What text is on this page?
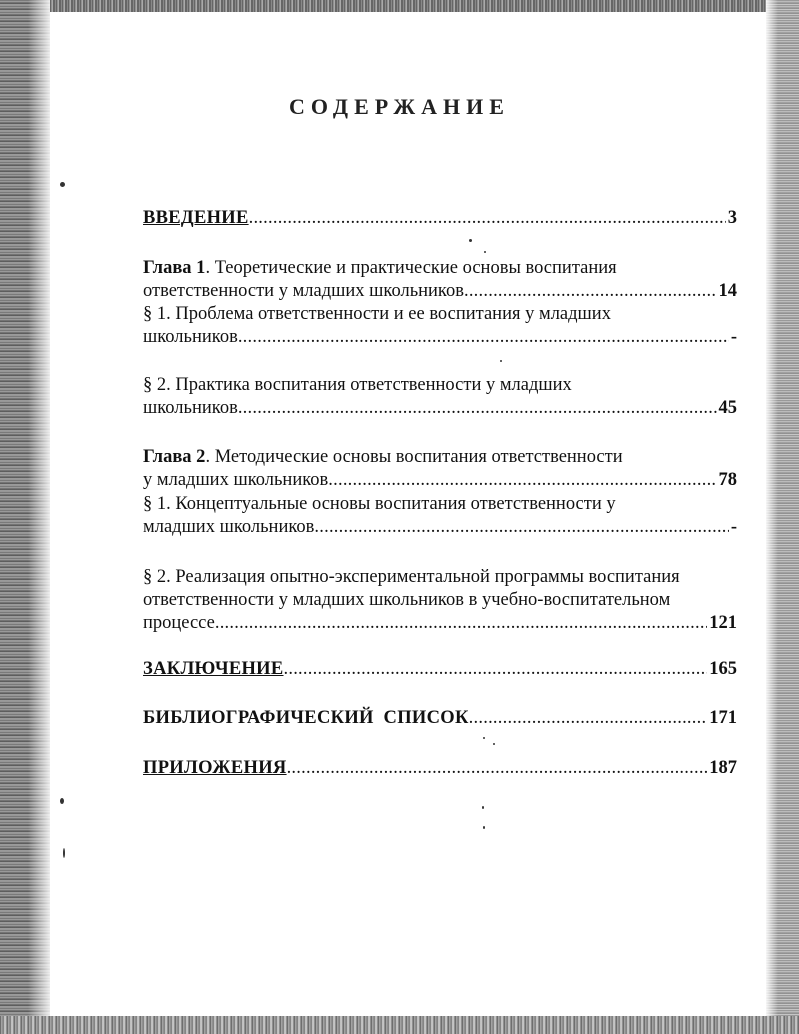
СОДЕРЖАНИЕ
ВВЕДЕНИЕ . . .	3
Глава 1. Теоретические и практические основы воспитания
ответственности у младших школьников . . .	14
§ 1. Проблема ответственности и ее воспитания у младших
школьников . . .	-
§ 2. Практика воспитания ответственности у младших
школьников . . .	45
Глава 2. Методические основы воспитания ответственности
у младших школьников . . .	78
§ 1. Концептуальные основы воспитания ответственности у
младших школьников . . .	-
§ 2. Реализация опытно-экспериментальной программы воспитания
ответственности у младших школьников в учебно-воспитательном
процессе . . .	121
ЗАКЛЮЧЕНИЕ . . .	165
БИБЛИОГРАФИЧЕСКИЙ  СПИСОК . . .	171
ПРИЛОЖЕНИЯ . . .	187
